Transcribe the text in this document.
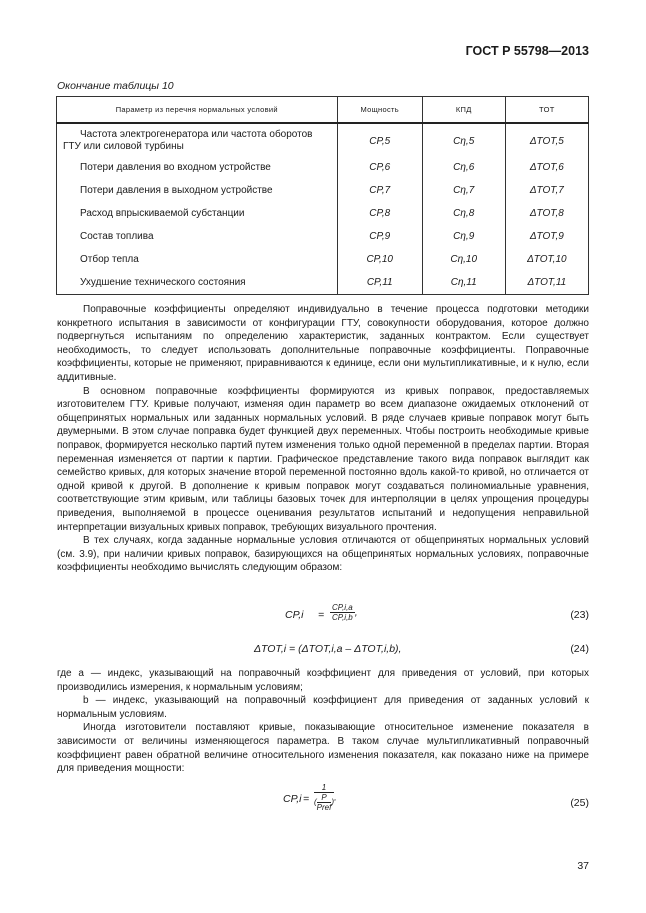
ГОСТ Р 55798—2013
Окончание таблицы 10
Параметр из перечня нормальных условий	Мощность	КПД	ТОТ
Частота электрогенератора или частота оборотов ГТУ или силовой турбины	CP,5	Cη,5	ΔTOT,5
Потери давления во входном устройстве	CP,6	Cη,6	ΔTOT,6
Потери давления в выходном устройстве	CP,7	Cη,7	ΔTOT,7
Расход впрыскиваемой субстанции	CP,8	Cη,8	ΔTOT,8
Состав топлива	CP,9	Cη,9	ΔTOT,9
Отбор тепла	CP,10	Cη,10	ΔTOT,10
Ухудшение технического состояния	CP,11	Cη,11	ΔTOT,11

Поправочные коэффициенты определяют индивидуально в течение процесса подготовки методики конкретного испытания в зависимости от конфигурации ГТУ, совокупности оборудования, которое должно подвергнуться испытаниям по определению характеристик, заданных контрактом. Если существует необходимость, то следует использовать дополнительные поправочные коэффициенты. Поправочные коэффициенты, которые не применяют, приравниваются к единице, если они мультипликативные, и к нулю, если аддитивные.

В основном поправочные коэффициенты формируются из кривых поправок, предоставляемых изготовителем ГТУ. Кривые получают, изменяя один параметр во всем диапазоне ожидаемых отклонений от общепринятых нормальных или заданных нормальных условий. В ряде случаев кривые поправок могут быть двумерными. В этом случае поправка будет функцией двух переменных. Чтобы построить необходимые кривые поправок, формируется несколько партий путем изменения только одной переменной в пределах партии. Вторая переменная изменяется от партии к партии. Графическое представление такого вида поправок выглядит как семейство кривых, для которых значение второй переменной постоянно вдоль какой-то кривой, но отличается от одной кривой к другой. В дополнение к кривым поправок могут создаваться полиномиальные уравнения, соответствующие этим кривым, или таблицы базовых точек для интерполяции в целях упрощения процедуры приведения, выполняемой в процессе оценивания результатов испытаний и недопущения неправильной интерпретации визуальных кривых поправок, требующих визуального прочтения.

В тех случаях, когда заданные нормальные условия отличаются от общепринятых нормальных условий (см. 3.9), при наличии кривых поправок, базирующихся на общепринятых нормальных условиях, поправочные коэффициенты необходимо вычислять следующим образом:

$CP,i = \frac{CP,i,a}{CP,i,b}$ ,	(23)
ΔTOT,i = (ΔTOT,i,a – ΔTOT,i,b),	(24)

где a — индекс, указывающий на поправочный коэффициент для приведения от условий, при которых производились измерения, к нормальным условиям;

b — индекс, указывающий на поправочный коэффициент для приведения от заданных условий к нормальным условиям.

Иногда изготовители поставляют кривые, показывающие относительное изменение показателя в зависимости от величины изменяющегося параметра. В таком случае мультипликативный поправочный коэффициент равен обратной величине относительного изменения показателя, как показано ниже на примере для приведения мощности:

$CP,i = \frac{1}{( \frac{P}{\text{Pref}} )}$ .	(25)
37
